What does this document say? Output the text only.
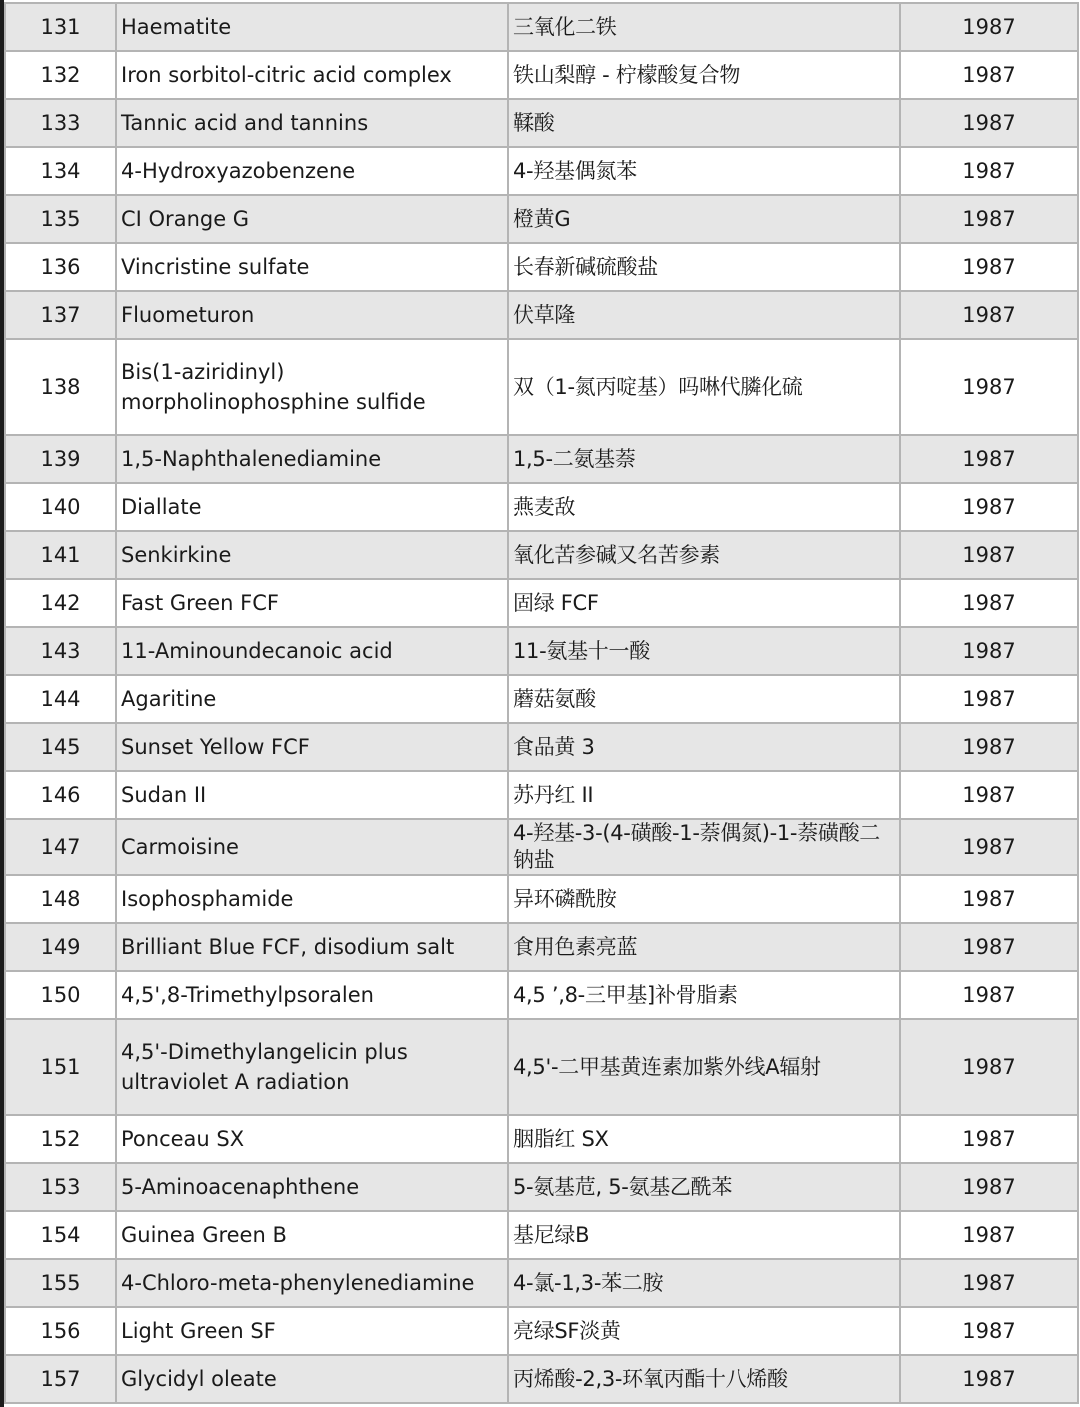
131	Haematite	三氧化二铁	1987
132	Iron sorbitol-citric acid complex	铁山梨醇 - 柠檬酸复合物	1987
133	Tannic acid and tannins	鞣酸	1987
134	4-Hydroxyazobenzene	4-羟基偶氮苯	1987
135	CI Orange G	橙黄G	1987
136	Vincristine sulfate	长春新碱硫酸盐	1987
137	Fluometuron	伏草隆	1987
138	Bis(1-aziridinyl) morpholinophosphine sulfide	双（1-氮丙啶基）吗啉代膦化硫	1987
139	1,5-Naphthalenediamine	1,5-二氨基萘	1987
140	Diallate	燕麦敌	1987
141	Senkirkine	氧化苦参碱又名苦参素	1987
142	Fast Green FCF	固绿 FCF	1987
143	11-Aminoundecanoic acid	11-氨基十一酸	1987
144	Agaritine	蘑菇氨酸	1987
145	Sunset Yellow FCF	食品黄 3	1987
146	Sudan II	苏丹红 II	1987
147	Carmoisine	4-羟基-3-(4-磺酸-1-萘偶氮)-1-萘磺酸二钠盐	1987
148	Isophosphamide	异环磷酰胺	1987
149	Brilliant Blue FCF, disodium salt	食用色素亮蓝	1987
150	4,5',8-Trimethylpsoralen	4,5 ’,8-三甲基]补骨脂素	1987
151	4,5'-Dimethylangelicin plus ultraviolet A radiation	4,5'-二甲基黄连素加紫外线A辐射	1987
152	Ponceau SX	胭脂红 SX	1987
153	5-Aminoacenaphthene	5-氨基苊, 5-氨基乙酰苯	1987
154	Guinea Green B	基尼绿B	1987
155	4-Chloro-meta-phenylenediamine	4-氯-1,3-苯二胺	1987
156	Light Green SF	亮绿SF淡黄	1987
157	Glycidyl oleate	丙烯酸-2,3-环氧丙酯十八烯酸	1987
